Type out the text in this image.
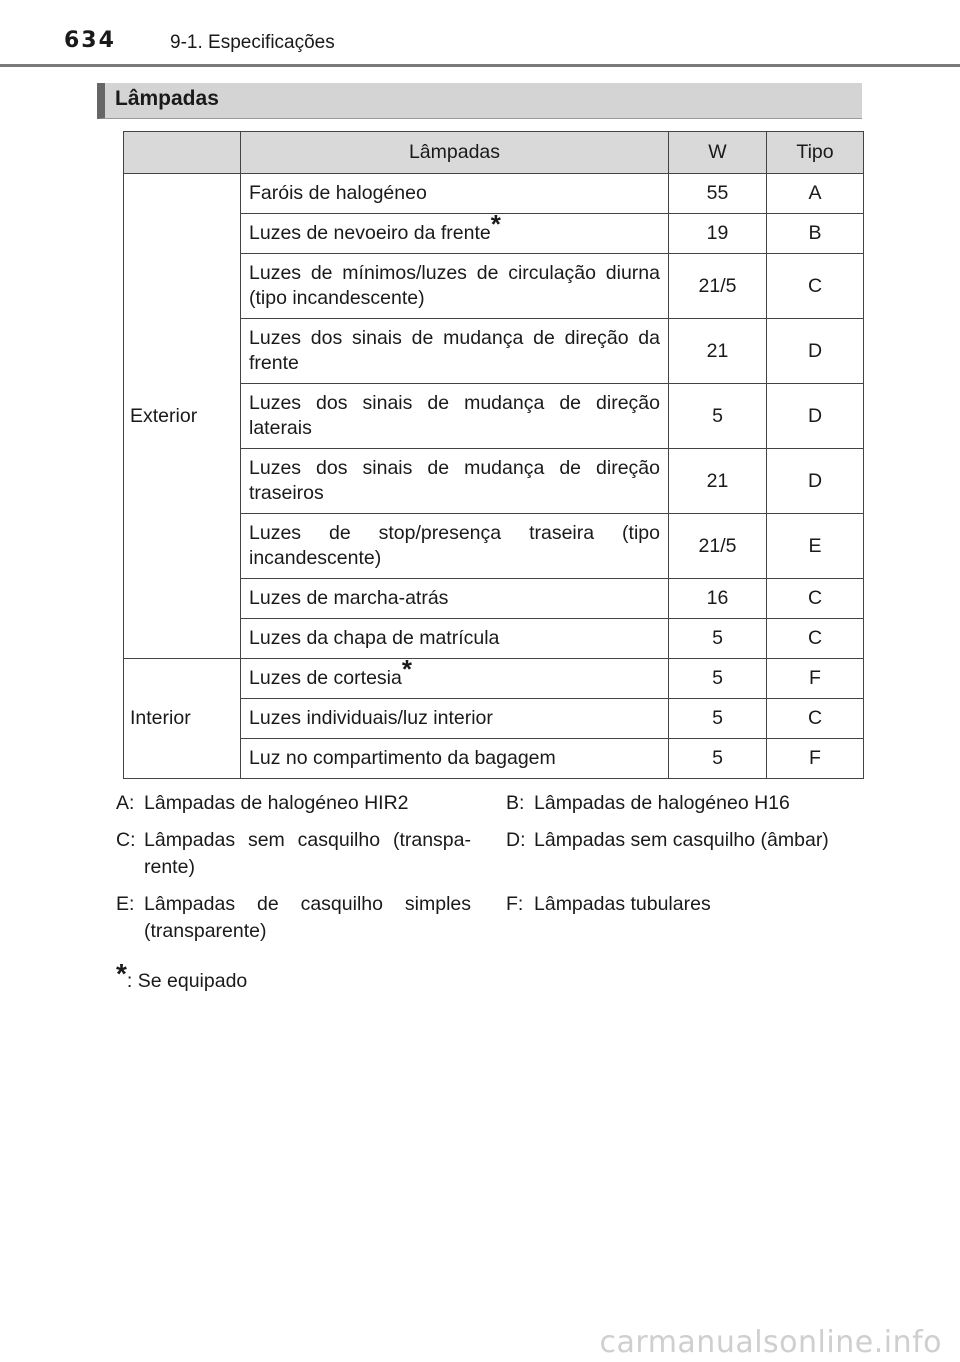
634	9-1. Especificações
Lâmpadas
	Lâmpadas	W	Tipo
Exterior	Faróis de halogéneo	55	A
	Luzes de nevoeiro da frente*	19	B
	Luzes de mínimos/luzes de circulação diurna (tipo incandescente)	21/5	C
	Luzes dos sinais de mudança de direção da frente	21	D
	Luzes dos sinais de mudança de direção laterais	5	D
	Luzes dos sinais de mudança de direção traseiros	21	D
	Luzes de stop/presença traseira (tipo incandescente)	21/5	E
	Luzes de marcha-atrás	16	C
	Luzes da chapa de matrícula	5	C
Interior	Luzes de cortesia*	5	F
	Luzes individuais/luz interior	5	C
	Luz no compartimento da bagagem	5	F
A: Lâmpadas de halogéneo HIR2	B: Lâmpadas de halogéneo H16
C: Lâmpadas sem casquilho (transpa-rente)
D: Lâmpadas sem casquilho (âmbar)
E: Lâmpadas de casquilho simples (transparente)
F: Lâmpadas tubulares
*: Se equipado
carmanualsonline.info
